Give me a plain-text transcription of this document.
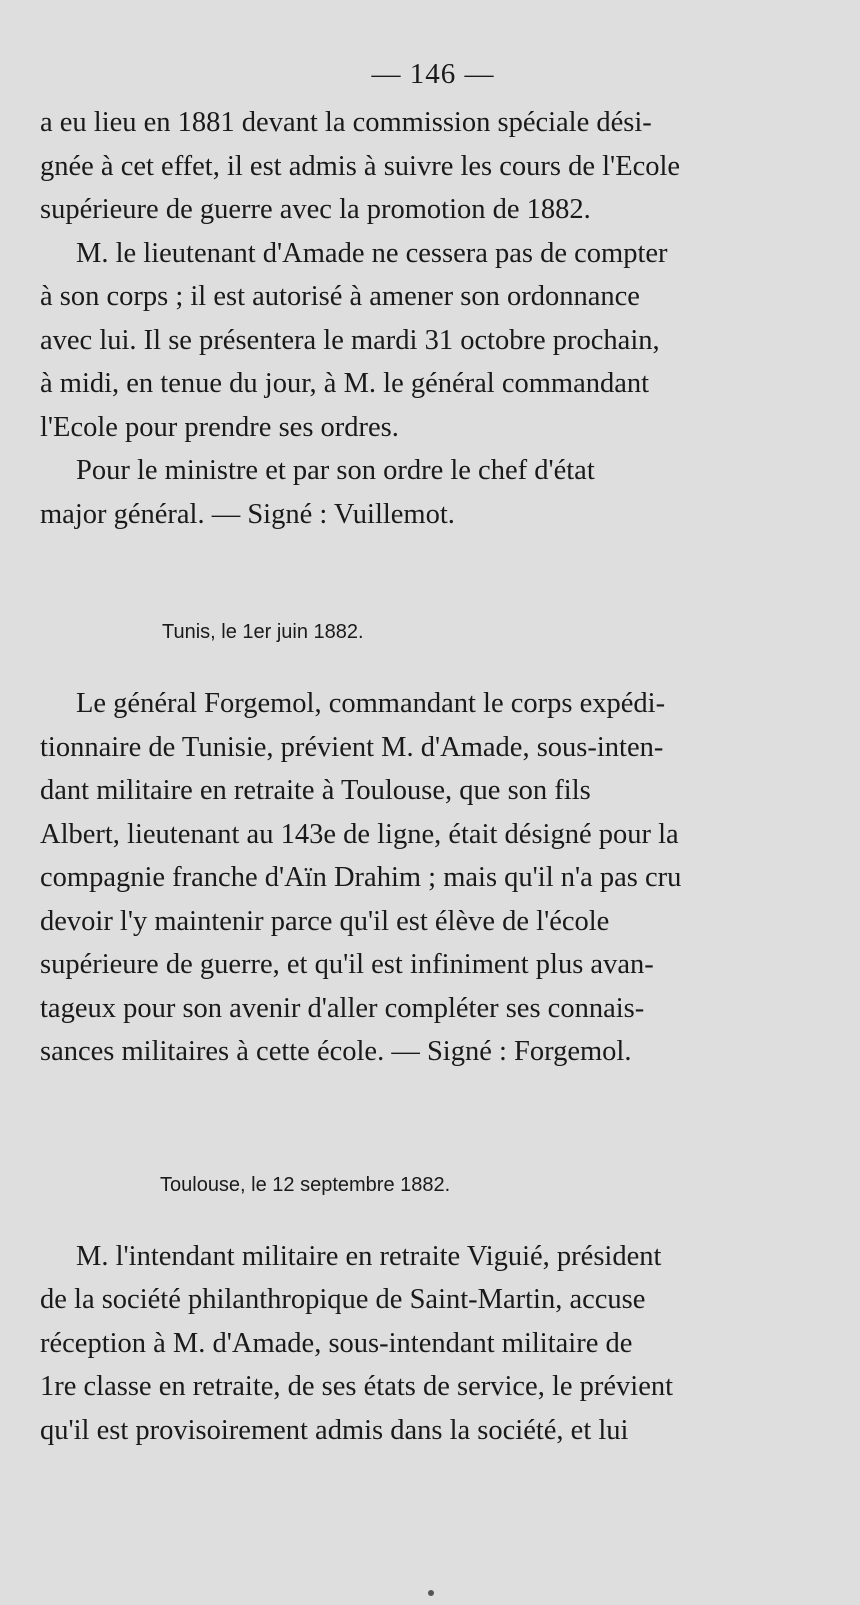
— 146 —
a eu lieu en 1881 devant la commission spéciale dési-
gnée à cet effet, il est admis à suivre les cours de l'Ecole
supérieure de guerre avec la promotion de 1882.
M. le lieutenant d'Amade ne cessera pas de compter
à son corps ; il est autorisé à amener son ordonnance
avec lui. Il se présentera le mardi 31 octobre prochain,
à midi, en tenue du jour, à M. le général commandant
l'Ecole pour prendre ses ordres.
Pour le ministre et par son ordre le chef d'état
major général. — Signé : Vuillemot.
Tunis, le 1er juin 1882.
Le général Forgemol, commandant le corps expédi-
tionnaire de Tunisie, prévient M. d'Amade, sous-inten-
dant militaire en retraite à Toulouse, que son fils
Albert, lieutenant au 143e de ligne, était désigné pour la
compagnie franche d'Aïn Drahim ; mais qu'il n'a pas cru
devoir l'y maintenir parce qu'il est élève de l'école
supérieure de guerre, et qu'il est infiniment plus avan-
tageux pour son avenir d'aller compléter ses connais-
sances militaires à cette école. — Signé : Forgemol.
Toulouse, le 12 septembre 1882.
M. l'intendant militaire en retraite Viguié, président
de la société philanthropique de Saint-Martin, accuse
réception à M. d'Amade, sous-intendant militaire de
1re classe en retraite, de ses états de service, le prévient
qu'il est provisoirement admis dans la société, et lui
